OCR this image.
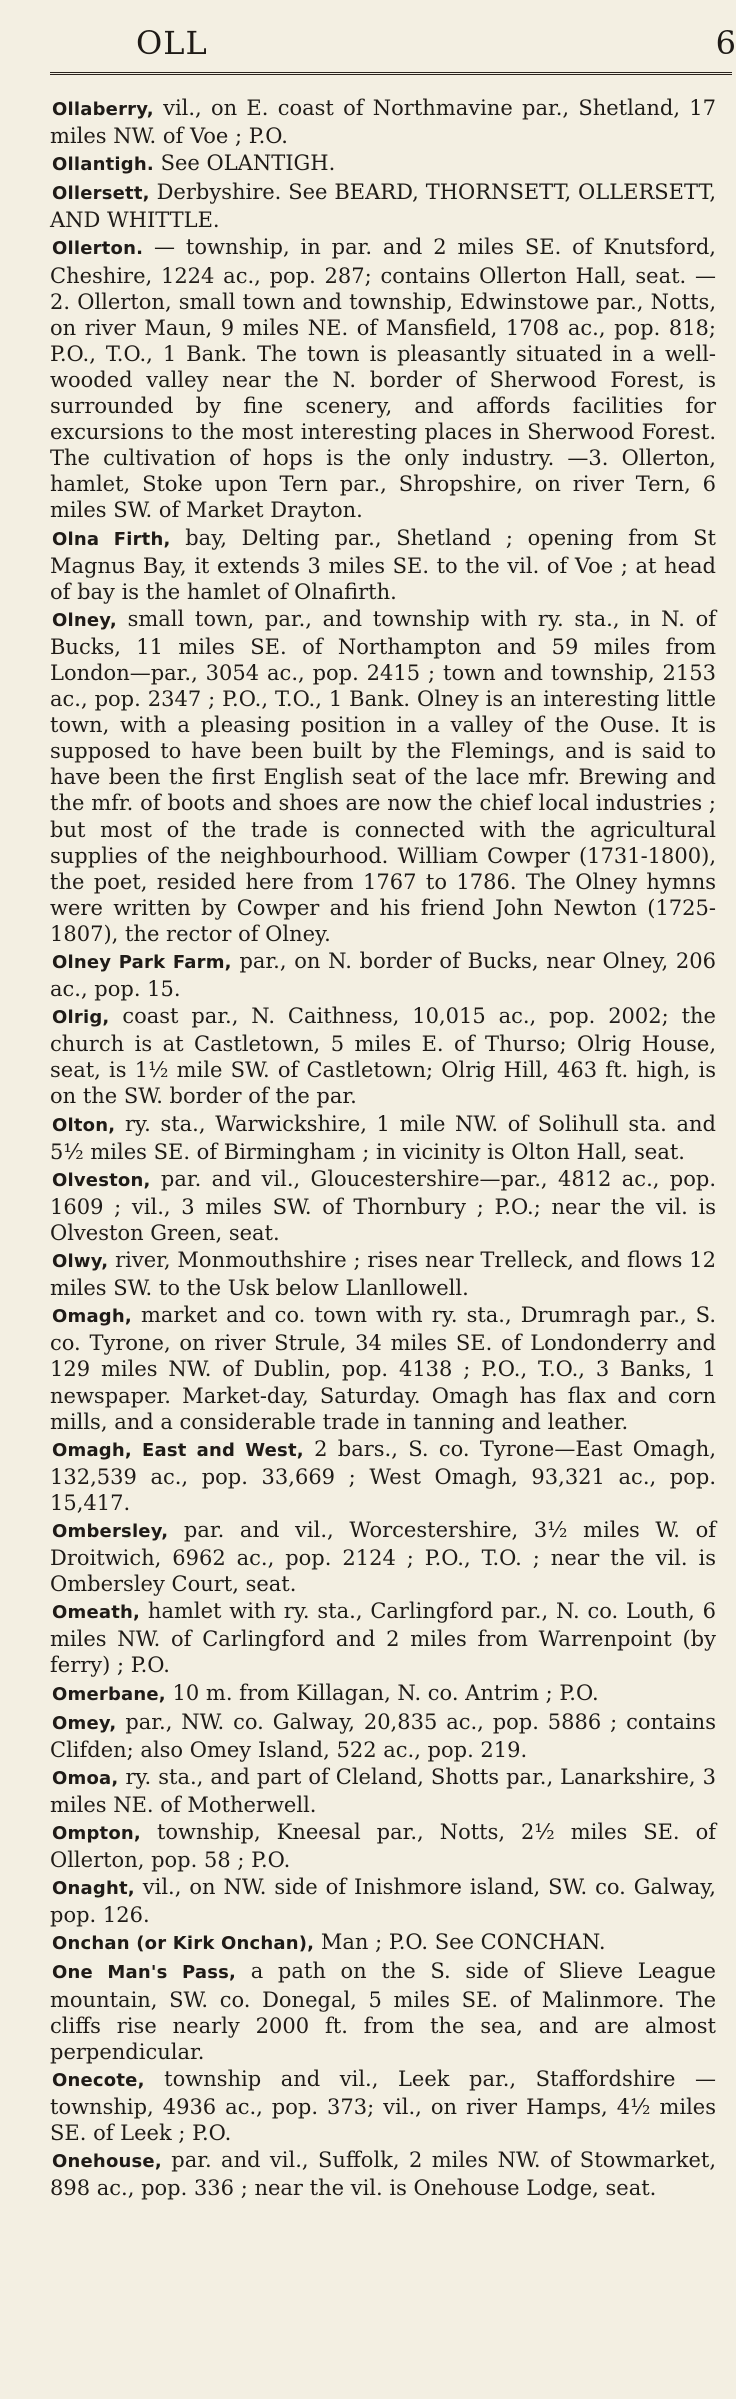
OLL	6

Ollaberry, vil., on E. coast of Northmavine par., Shetland, 17 miles NW. of Voe ; P.O.

Ollantigh. See OLANTIGH.

Ollersett, Derbyshire. See BEARD, THORNSETT, OLLERSETT, AND WHITTLE.

Ollerton. — township, in par. and 2 miles SE. of Knutsford, Cheshire, 1224 ac., pop. 287; contains Ollerton Hall, seat. — 2. Ollerton, small town and township, Edwinstowe par., Notts, on river Maun, 9 miles NE. of Mansfield, 1708 ac., pop. 818; P.O., T.O., 1 Bank. The town is pleasantly situated in a well-wooded valley near the N. border of Sherwood Forest, is surrounded by fine scenery, and affords facilities for excursions to the most interesting places in Sherwood Forest. The cultivation of hops is the only industry. —3. Ollerton, hamlet, Stoke upon Tern par., Shropshire, on river Tern, 6 miles SW. of Market Drayton.

Olna Firth, bay, Delting par., Shetland ; opening from St Magnus Bay, it extends 3 miles SE. to the vil. of Voe ; at head of bay is the hamlet of Olnafirth.

Olney, small town, par., and township with ry. sta., in N. of Bucks, 11 miles SE. of Northampton and 59 miles from London—par., 3054 ac., pop. 2415 ; town and township, 2153 ac., pop. 2347 ; P.O., T.O., 1 Bank. Olney is an interesting little town, with a pleasing position in a valley of the Ouse. It is supposed to have been built by the Flemings, and is said to have been the first English seat of the lace mfr. Brewing and the mfr. of boots and shoes are now the chief local industries ; but most of the trade is connected with the agricultural supplies of the neighbourhood. William Cowper (1731-1800), the poet, resided here from 1767 to 1786. The Olney hymns were written by Cowper and his friend John Newton (1725-1807), the rector of Olney.

Olney Park Farm, par., on N. border of Bucks, near Olney, 206 ac., pop. 15.

Olrig, coast par., N. Caithness, 10,015 ac., pop. 2002; the church is at Castletown, 5 miles E. of Thurso; Olrig House, seat, is 1½ mile SW. of Castletown; Olrig Hill, 463 ft. high, is on the SW. border of the par.

Olton, ry. sta., Warwickshire, 1 mile NW. of Solihull sta. and 5½ miles SE. of Birmingham ; in vicinity is Olton Hall, seat.

Olveston, par. and vil., Gloucestershire—par., 4812 ac., pop. 1609 ; vil., 3 miles SW. of Thornbury ; P.O.; near the vil. is Olveston Green, seat.

Olwy, river, Monmouthshire ; rises near Trelleck, and flows 12 miles SW. to the Usk below Llanllowell.

Omagh, market and co. town with ry. sta., Drumragh par., S. co. Tyrone, on river Strule, 34 miles SE. of Londonderry and 129 miles NW. of Dublin, pop. 4138 ; P.O., T.O., 3 Banks, 1 newspaper. Market-day, Saturday. Omagh has flax and corn mills, and a considerable trade in tanning and leather.

Omagh, East and West, 2 bars., S. co. Tyrone—East Omagh, 132,539 ac., pop. 33,669 ; West Omagh, 93,321 ac., pop. 15,417.

Ombersley, par. and vil., Worcestershire, 3½ miles W. of Droitwich, 6962 ac., pop. 2124 ; P.O., T.O. ; near the vil. is Ombersley Court, seat.

Omeath, hamlet with ry. sta., Carlingford par., N. co. Louth, 6 miles NW. of Carlingford and 2 miles from Warrenpoint (by ferry) ; P.O.

Omerbane, 10 m. from Killagan, N. co. Antrim ; P.O.

Omey, par., NW. co. Galway, 20,835 ac., pop. 5886 ; contains Clifden; also Omey Island, 522 ac., pop. 219.

Omoa, ry. sta., and part of Cleland, Shotts par., Lanarkshire, 3 miles NE. of Motherwell.

Ompton, township, Kneesal par., Notts, 2½ miles SE. of Ollerton, pop. 58 ; P.O.

Onaght, vil., on NW. side of Inishmore island, SW. co. Galway, pop. 126.

Onchan (or Kirk Onchan), Man ; P.O. See CONCHAN.

One Man's Pass, a path on the S. side of Slieve League mountain, SW. co. Donegal, 5 miles SE. of Malinmore. The cliffs rise nearly 2000 ft. from the sea, and are almost perpendicular.

Onecote, township and vil., Leek par., Staffordshire —township, 4936 ac., pop. 373; vil., on river Hamps, 4½ miles SE. of Leek ; P.O.

Onehouse, par. and vil., Suffolk, 2 miles NW. of Stowmarket, 898 ac., pop. 336 ; near the vil. is Onehouse Lodge, seat.
